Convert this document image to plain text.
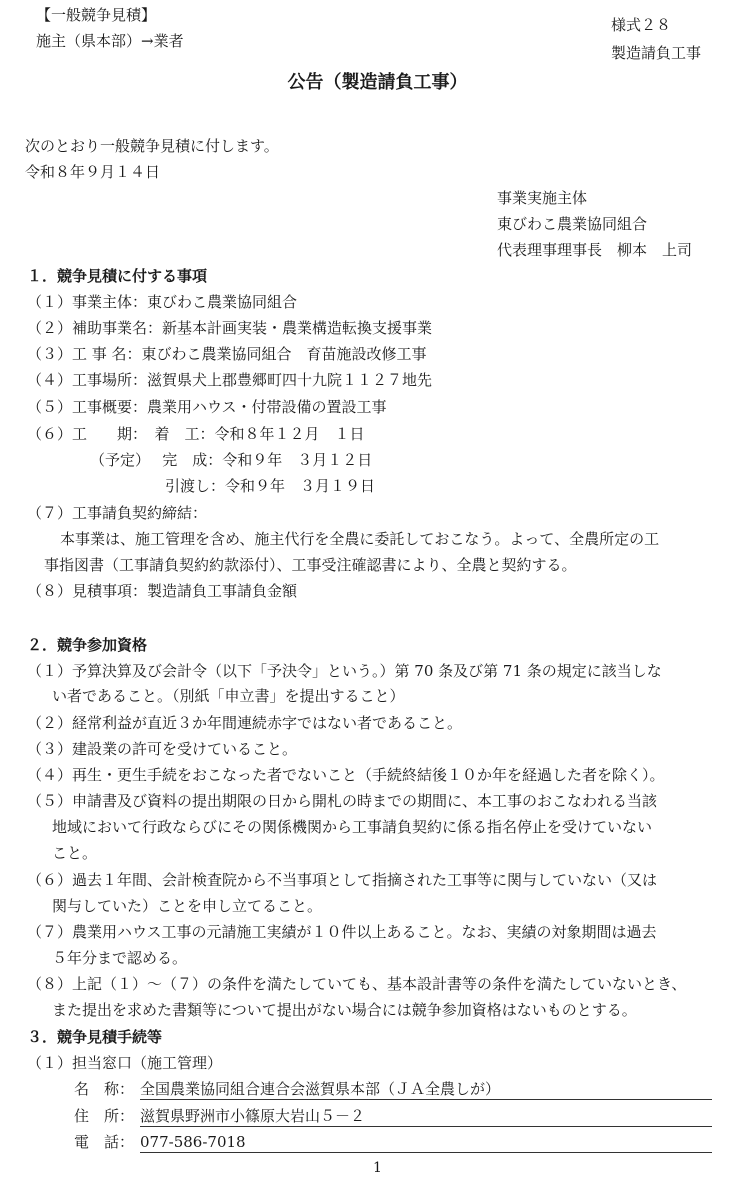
【一般競争見積】
施主（県本部）→業者
様式２８
製造請負工事
公告（製造請負工事）
次のとおり一般競争見積に付します。
令和８年９月１４日
事業実施主体
東びわこ農業協同組合
代表理事理事長　柳本　上司
１．競争見積に付する事項
（１）事業主体：東びわこ農業協同組合
（２）補助事業名：新基本計画実装・農業構造転換支援事業
（３）工 事 名：東びわこ農業協同組合　育苗施設改修工事
（４）工事場所：滋賀県犬上郡豊郷町四十九院１１２７地先
（５）工事概要：農業用ハウス・付帯設備の置設工事
（６）工　　期：　着　工：令和８年１２月　１日
（予定）　 完　成：令和９年　３月１２日
引渡し：令和９年　３月１９日
（７）工事請負契約締結：
本事業は、施工管理を含め、施主代行を全農に委託しておこなう。よって、全農所定の工
事指図書（工事請負契約約款添付）、工事受注確認書により、全農と契約する。
（８）見積事項：製造請負工事請負金額
２．競争参加資格
（１）予算決算及び会計令（以下「予決令」という。）第 70 条及び第 71 条の規定に該当しな
い者であること。（別紙「申立書」を提出すること）
（２）経常利益が直近３か年間連続赤字ではない者であること。
（３）建設業の許可を受けていること。
（４）再生・更生手続をおこなった者でないこと（手続終結後１０か年を経過した者を除く）。
（５）申請書及び資料の提出期限の日から開札の時までの期間に、本工事のおこなわれる当該
地域において行政ならびにその関係機関から工事請負契約に係る指名停止を受けていない
こと。
（６）過去１年間、会計検査院から不当事項として指摘された工事等に関与していない（又は
関与していた）ことを申し立てること。
（７）農業用ハウス工事の元請施工実績が１０件以上あること。なお、実績の対象期間は過去
５年分まで認める。
（８）上記（１）～（７）の条件を満たしていても、基本設計書等の条件を満たしていないとき、
また提出を求めた書類等について提出がない場合には競争参加資格はないものとする。
３．競争見積手続等
（１）担当窓口（施工管理）
名　称： 全国農業協同組合連合会滋賀県本部（ＪＡ全農しが）
住　所： 滋賀県野洲市小篠原大岩山５－２
電　話： 077-586-7018
1
